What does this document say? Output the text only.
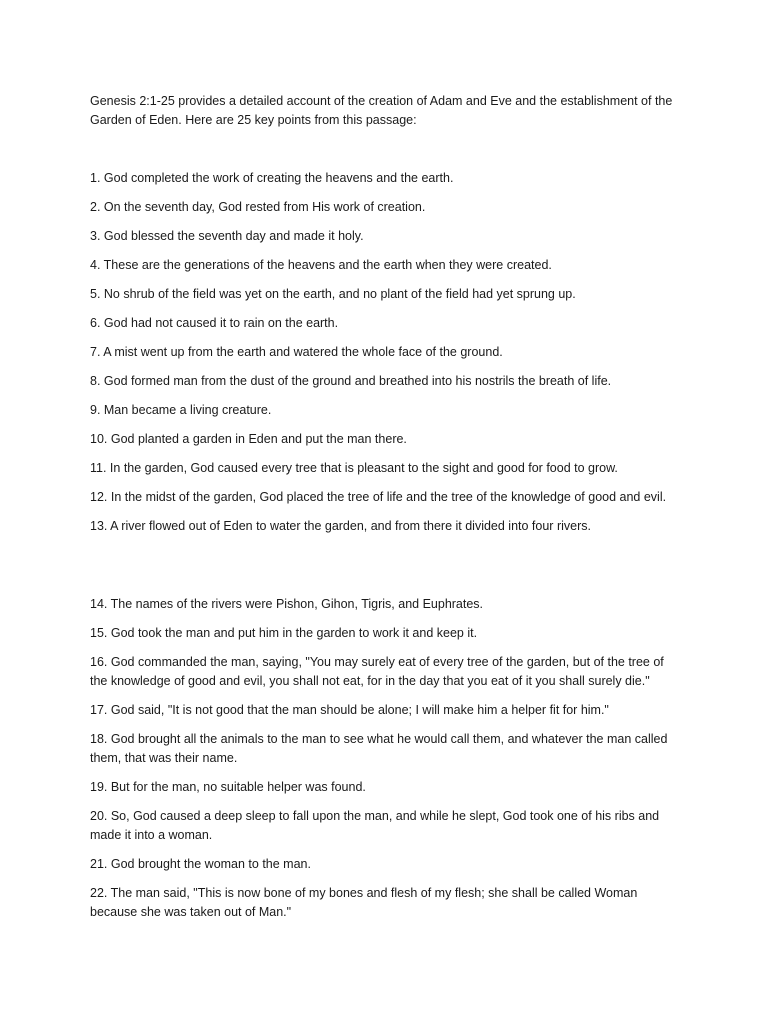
Genesis 2:1-25 provides a detailed account of the creation of Adam and Eve and the establishment of the Garden of Eden. Here are 25 key points from this passage:

1. God completed the work of creating the heavens and the earth.
2. On the seventh day, God rested from His work of creation.
3. God blessed the seventh day and made it holy.
4. These are the generations of the heavens and the earth when they were created.
5. No shrub of the field was yet on the earth, and no plant of the field had yet sprung up.
6. God had not caused it to rain on the earth.
7. A mist went up from the earth and watered the whole face of the ground.
8. God formed man from the dust of the ground and breathed into his nostrils the breath of life.
9. Man became a living creature.
10. God planted a garden in Eden and put the man there.
11. In the garden, God caused every tree that is pleasant to the sight and good for food to grow.
12. In the midst of the garden, God placed the tree of life and the tree of the knowledge of good and evil.
13. A river flowed out of Eden to water the garden, and from there it divided into four rivers.
14. The names of the rivers were Pishon, Gihon, Tigris, and Euphrates.
15. God took the man and put him in the garden to work it and keep it.
16. God commanded the man, saying, "You may surely eat of every tree of the garden, but of the tree of the knowledge of good and evil, you shall not eat, for in the day that you eat of it you shall surely die."
17. God said, "It is not good that the man should be alone; I will make him a helper fit for him."
18. God brought all the animals to the man to see what he would call them, and whatever the man called them, that was their name.
19. But for the man, no suitable helper was found.
20. So, God caused a deep sleep to fall upon the man, and while he slept, God took one of his ribs and made it into a woman.
21. God brought the woman to the man.
22. The man said, "This is now bone of my bones and flesh of my flesh; she shall be called Woman because she was taken out of Man."
